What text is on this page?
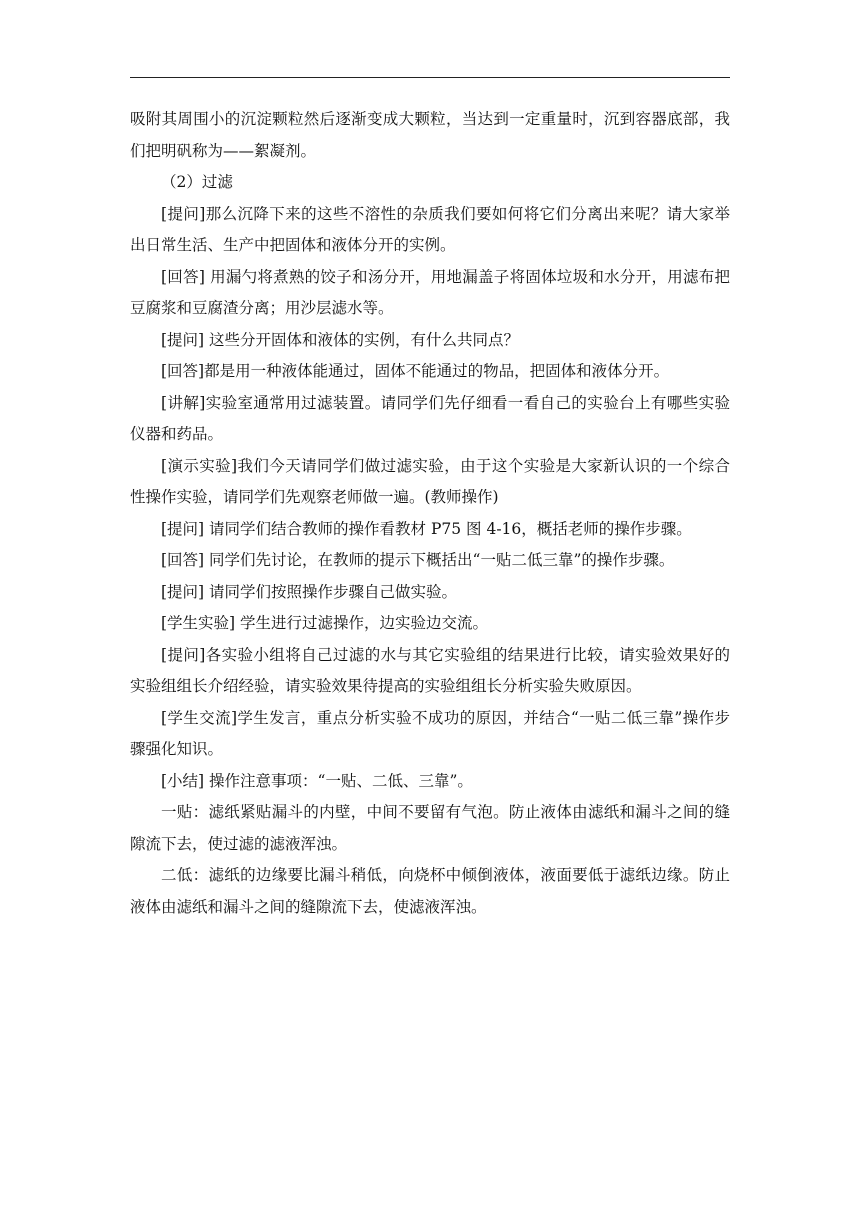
吸附其周围小的沉淀颗粒然后逐渐变成大颗粒，当达到一定重量时，沉到容器底部，我们把明矾称为——絮凝剂。

（2）过滤

[提问]那么沉降下来的这些不溶性的杂质我们要如何将它们分离出来呢？请大家举出日常生活、生产中把固体和液体分开的实例。

[回答] 用漏勺将煮熟的饺子和汤分开，用地漏盖子将固体垃圾和水分开，用滤布把豆腐浆和豆腐渣分离；用沙层滤水等。

[提问] 这些分开固体和液体的实例，有什么共同点？

[回答]都是用一种液体能通过，固体不能通过的物品，把固体和液体分开。

[讲解]实验室通常用过滤装置。请同学们先仔细看一看自己的实验台上有哪些实验仪器和药品。

[演示实验]我们今天请同学们做过滤实验，由于这个实验是大家新认识的一个综合性操作实验，请同学们先观察老师做一遍。(教师操作)

[提问] 请同学们结合教师的操作看教材 P75 图 4-16，概括老师的操作步骤。

[回答] 同学们先讨论，在教师的提示下概括出“一贴二低三靠”的操作步骤。

[提问] 请同学们按照操作步骤自己做实验。

[学生实验] 学生进行过滤操作，边实验边交流。

[提问]各实验小组将自己过滤的水与其它实验组的结果进行比较，请实验效果好的实验组组长介绍经验，请实验效果待提高的实验组组长分析实验失败原因。

[学生交流]学生发言，重点分析实验不成功的原因，并结合“一贴二低三靠”操作步骤强化知识。

[小结] 操作注意事项：“一贴、二低、三靠”。

一贴：滤纸紧贴漏斗的内壁，中间不要留有气泡。防止液体由滤纸和漏斗之间的缝隙流下去，使过滤的滤液浑浊。

二低：滤纸的边缘要比漏斗稍低，向烧杯中倾倒液体，液面要低于滤纸边缘。防止液体由滤纸和漏斗之间的缝隙流下去，使滤液浑浊。
